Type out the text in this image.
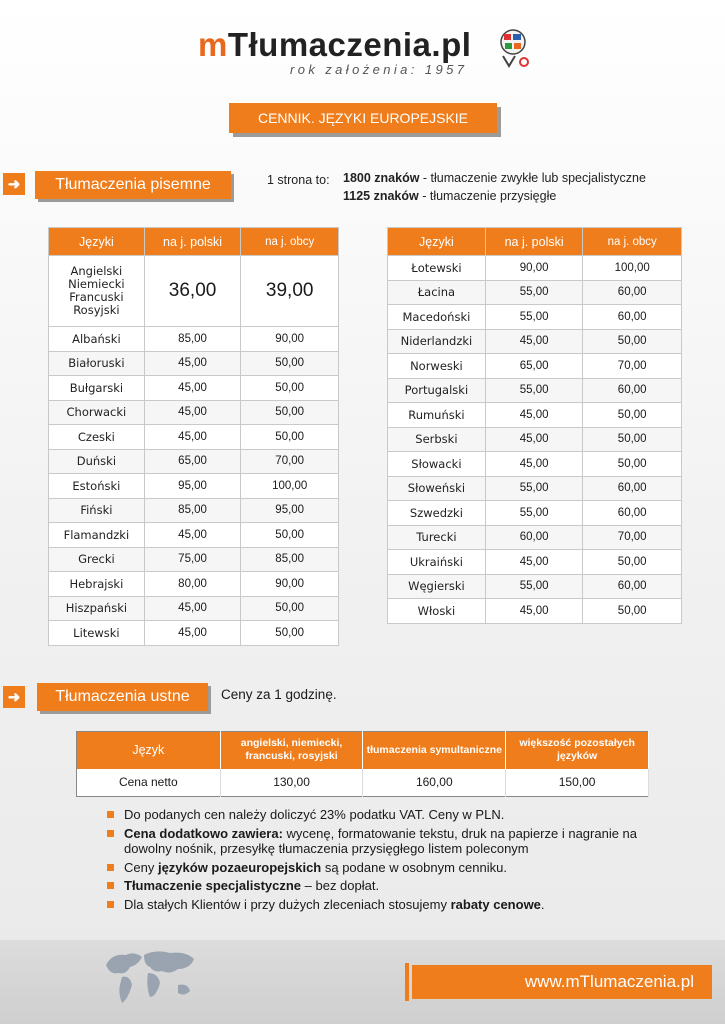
mTłumaczenia.pl
rok założenia: 1957
CENNIK. JĘZYKI EUROPEJSKIE
➜	Tłumaczenia pisemne	1 strona to: 1800 znaków - tłumaczenie zwykłe lub specjalistyczne
1125 znaków - tłumaczenie przysięgłe
Języki	na j. polski	na j. obcy

Angielski
Niemiecki
Francuski
Rosyjski	36,00	39,00
Albański	85,00	90,00
Białoruski	45,00	50,00
Bułgarski	45,00	50,00
Chorwacki	45,00	50,00
Czeski	45,00	50,00
Duński	65,00	70,00
Estoński	95,00	100,00
Fiński	85,00	95,00
Flamandzki	45,00	50,00
Grecki	75,00	85,00
Hebrajski	80,00	90,00
Hiszpański	45,00	50,00
Litewski	45,00	50,00
Języki	na j. polski	na j. obcy
Łotewski	90,00	100,00
Łacina	55,00	60,00
Macedoński	55,00	60,00
Niderlandzki	45,00	50,00
Norweski	65,00	70,00
Portugalski	55,00	60,00
Rumuński	45,00	50,00
Serbski	45,00	50,00
Słowacki	45,00	50,00
Słoweński	55,00	60,00
Szwedzki	55,00	60,00
Turecki	60,00	70,00
Ukraiński	45,00	50,00
Węgierski	55,00	60,00
Włoski	45,00	50,00
➜	Tłumaczenia ustne	Ceny za 1 godzinę.
Język	angielski, niemiecki, francuski, rosyjski	tłumaczenia symultaniczne	większość pozostałych języków
Cena netto	130,00	160,00	150,00
Do podanych cen należy doliczyć 23% podatku VAT. Ceny w PLN.
Cena dodatkowo zawiera: wycenę, formatowanie tekstu, druk na papierze i nagranie na dowolny nośnik, przesyłkę tłumaczenia przysięgłego listem poleconym
Ceny języków pozaeuropejskich są podane w osobnym cenniku.
Tłumaczenie specjalistyczne – bez dopłat.
Dla stałych Klientów i przy dużych zleceniach stosujemy rabaty cenowe.
www.mTlumaczenia.pl
